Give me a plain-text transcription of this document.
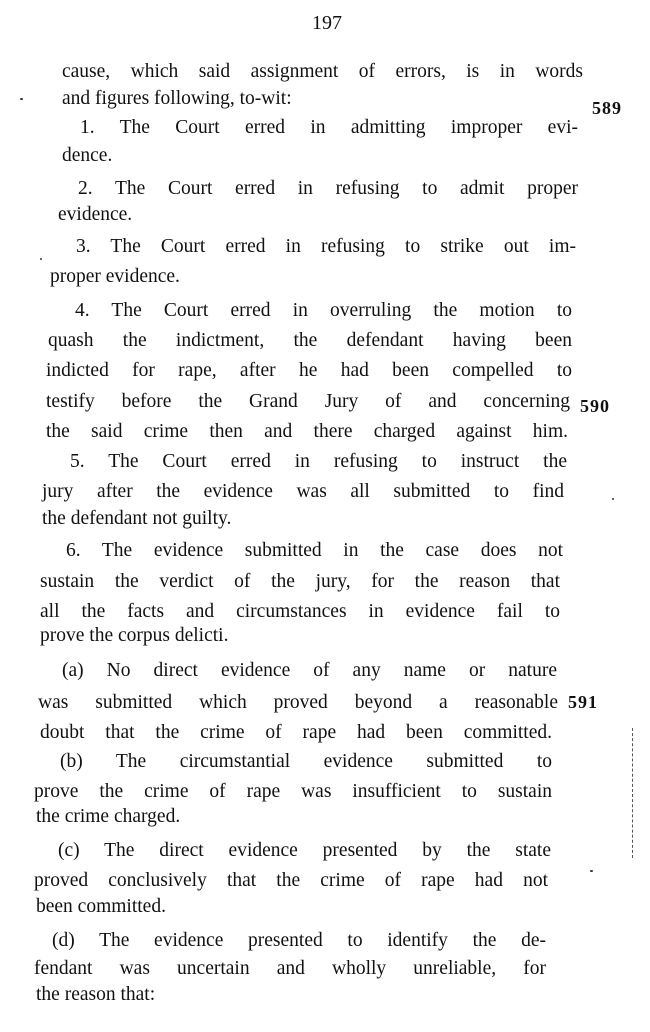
197
589
590
591
cause, which said assignment of errors, is in words
and figures following, to-wit:
1. The Court erred in admitting improper evi-
dence.
2. The Court erred in refusing to admit proper
evidence.
3. The Court erred in refusing to strike out im-
proper evidence.
4. The Court erred in overruling the motion to
quash the indictment, the defendant having been
indicted for rape, after he had been compelled to
testify before the Grand Jury of and concerning
the said crime then and there charged against him.
5. The Court erred in refusing to instruct the
jury after the evidence was all submitted to find
the defendant not guilty.
6. The evidence submitted in the case does not
sustain the verdict of the jury, for the reason that
all the facts and circumstances in evidence fail to
prove the corpus delicti.
(a) No direct evidence of any name or nature
was submitted which proved beyond a reasonable
doubt that the crime of rape had been committed.
(b) The circumstantial evidence submitted to
prove the crime of rape was insufficient to sustain
the crime charged.
(c) The direct evidence presented by the state
proved conclusively that the crime of rape had not
been committed.
(d) The evidence presented to identify the de-
fendant was uncertain and wholly unreliable, for
the reason that:
